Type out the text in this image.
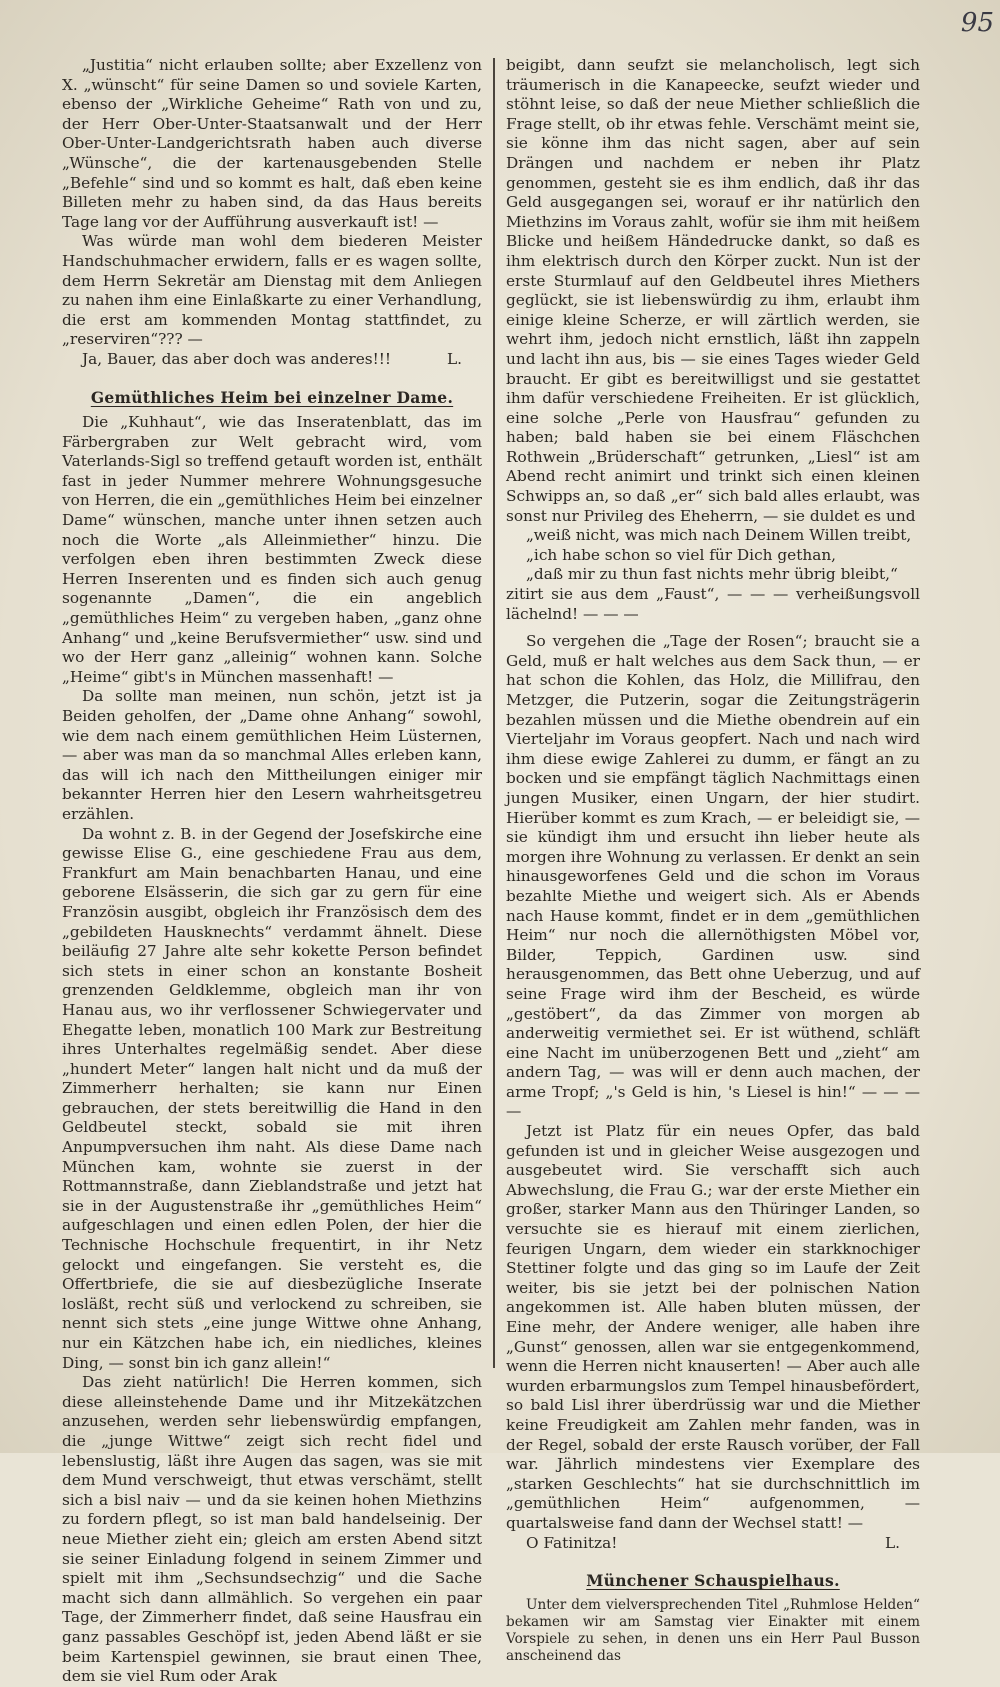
95

„Justitia“ nicht erlauben sollte; aber Exzellenz von X. „wünscht“ für seine Damen so und soviele Karten, ebenso der „Wirkliche Geheime“ Rath von und zu, der Herr Ober-Unter-Staatsanwalt und der Herr Ober-Unter-Landgerichtsrath haben auch diverse „Wünsche“, die der kartenausgebenden Stelle „Befehle“ sind und so kommt es halt, daß eben keine Billeten mehr zu haben sind, da das Haus bereits Tage lang vor der Aufführung ausverkauft ist! —

Was würde man wohl dem biederen Meister Handschuhmacher erwidern, falls er es wagen sollte, dem Herrn Sekretär am Dienstag mit dem Anliegen zu nahen ihm eine Einlaßkarte zu einer Verhandlung, die erst am kommenden Montag stattfindet, zu „reserviren“??? —

Ja, Bauer, das aber doch was anderes!!!	L.
Gemüthliches Heim bei einzelner Dame.

Die „Kuhhaut“, wie das Inseratenblatt, das im Färbergraben zur Welt gebracht wird, vom Vaterlands-Sigl so treffend getauft worden ist, enthält fast in jeder Nummer mehrere Wohnungsgesuche von Herren, die ein „gemüthliches Heim bei einzelner Dame“ wünschen, manche unter ihnen setzen auch noch die Worte „als Alleinmiether“ hinzu. Die verfolgen eben ihren bestimmten Zweck diese Herren Inserenten und es finden sich auch genug sogenannte „Damen“, die ein angeblich „gemüthliches Heim“ zu vergeben haben, „ganz ohne Anhang“ und „keine Berufsvermiether“ usw. sind und wo der Herr ganz „alleinig“ wohnen kann. Solche „Heime“ gibt's in München massenhaft! —

Da sollte man meinen, nun schön, jetzt ist ja Beiden geholfen, der „Dame ohne Anhang“ sowohl, wie dem nach einem gemüthlichen Heim Lüsternen, — aber was man da so manchmal Alles erleben kann, das will ich nach den Mittheilungen einiger mir bekannter Herren hier den Lesern wahrheitsgetreu erzählen.

Da wohnt z. B. in der Gegend der Josefskirche eine gewisse Elise G., eine geschiedene Frau aus dem, Frankfurt am Main benachbarten Hanau, und eine geborene Elsässerin, die sich gar zu gern für eine Französin ausgibt, obgleich ihr Französisch dem des „gebildeten Hausknechts“ verdammt ähnelt. Diese beiläufig 27 Jahre alte sehr kokette Person befindet sich stets in einer schon an konstante Bosheit grenzenden Geldklemme, obgleich man ihr von Hanau aus, wo ihr verflossener Schwiegervater und Ehegatte leben, monatlich 100 Mark zur Bestreitung ihres Unterhaltes regelmäßig sendet. Aber diese „hundert Meter“ langen halt nicht und da muß der Zimmerherr herhalten; sie kann nur Einen gebrauchen, der stets bereitwillig die Hand in den Geldbeutel steckt, sobald sie mit ihren Anpumpversuchen ihm naht. Als diese Dame nach München kam, wohnte sie zuerst in der Rottmannstraße, dann Zieblandstraße und jetzt hat sie in der Augustenstraße ihr „gemüthliches Heim“ aufgeschlagen und einen edlen Polen, der hier die Technische Hochschule frequentirt, in ihr Netz gelockt und eingefangen. Sie versteht es, die Offertbriefe, die sie auf diesbezügliche Inserate losläßt, recht süß und verlockend zu schreiben, sie nennt sich stets „eine junge Wittwe ohne Anhang, nur ein Kätzchen habe ich, ein niedliches, kleines Ding, — sonst bin ich ganz allein!“

Das zieht natürlich! Die Herren kommen, sich diese alleinstehende Dame und ihr Mitzekätzchen anzusehen, werden sehr liebenswürdig empfangen, die „junge Wittwe“ zeigt sich recht fidel und lebenslustig, läßt ihre Augen das sagen, was sie mit dem Mund verschweigt, thut etwas verschämt, stellt sich a bisl naiv — und da sie keinen hohen Miethzins zu fordern pflegt, so ist man bald handelseinig. Der neue Miether zieht ein; gleich am ersten Abend sitzt sie seiner Einladung folgend in seinem Zimmer und spielt mit ihm „Sechsundsechzig“ und die Sache macht sich dann allmählich. So vergehen ein paar Tage, der Zimmerherr findet, daß seine Hausfrau ein ganz passables Geschöpf ist, jeden Abend läßt er sie beim Kartenspiel gewinnen, sie braut einen Thee, dem sie viel Rum oder Arak

beigibt, dann seufzt sie melancholisch, legt sich träumerisch in die Kanapeecke, seufzt wieder und stöhnt leise, so daß der neue Miether schließlich die Frage stellt, ob ihr etwas fehle. Verschämt meint sie, sie könne ihm das nicht sagen, aber auf sein Drängen und nachdem er neben ihr Platz genommen, gesteht sie es ihm endlich, daß ihr das Geld ausgegangen sei, worauf er ihr natürlich den Miethzins im Voraus zahlt, wofür sie ihm mit heißem Blicke und heißem Händedrucke dankt, so daß es ihm elektrisch durch den Körper zuckt. Nun ist der erste Sturmlauf auf den Geldbeutel ihres Miethers geglückt, sie ist liebenswürdig zu ihm, erlaubt ihm einige kleine Scherze, er will zärtlich werden, sie wehrt ihm, jedoch nicht ernstlich, läßt ihn zappeln und lacht ihn aus, bis — sie eines Tages wieder Geld braucht. Er gibt es bereitwilligst und sie gestattet ihm dafür verschiedene Freiheiten. Er ist glücklich, eine solche „Perle von Hausfrau“ gefunden zu haben; bald haben sie bei einem Fläschchen Rothwein „Brüderschaft“ getrunken, „Liesl“ ist am Abend recht animirt und trinkt sich einen kleinen Schwipps an, so daß „er“ sich bald alles erlaubt, was sonst nur Privileg des Eheherrn, — sie duldet es und

„weiß nicht, was mich nach Deinem Willen treibt,

„ich habe schon so viel für Dich gethan,

„daß mir zu thun fast nichts mehr übrig bleibt,“

zitirt sie aus dem „Faust“, — — — verheißungsvoll lächelnd! — — —

So vergehen die „Tage der Rosen“; braucht sie a Geld, muß er halt welches aus dem Sack thun, — er hat schon die Kohlen, das Holz, die Millifrau, den Metzger, die Putzerin, sogar die Zeitungsträgerin bezahlen müssen und die Miethe obendrein auf ein Vierteljahr im Voraus geopfert. Nach und nach wird ihm diese ewige Zahlerei zu dumm, er fängt an zu bocken und sie empfängt täglich Nachmittags einen jungen Musiker, einen Ungarn, der hier studirt. Hierüber kommt es zum Krach, — er beleidigt sie, — sie kündigt ihm und ersucht ihn lieber heute als morgen ihre Wohnung zu verlassen. Er denkt an sein hinausgeworfenes Geld und die schon im Voraus bezahlte Miethe und weigert sich. Als er Abends nach Hause kommt, findet er in dem „gemüthlichen Heim“ nur noch die allernöthigsten Möbel vor, Bilder, Teppich, Gardinen usw. sind herausgenommen, das Bett ohne Ueberzug, und auf seine Frage wird ihm der Bescheid, es würde „gestöbert“, da das Zimmer von morgen ab anderweitig vermiethet sei. Er ist wüthend, schläft eine Nacht im unüberzogenen Bett und „zieht“ am andern Tag, — was will er denn auch machen, der arme Tropf; „'s Geld is hin, 's Liesel is hin!“ — — — —

Jetzt ist Platz für ein neues Opfer, das bald gefunden ist und in gleicher Weise ausgezogen und ausgebeutet wird. Sie verschafft sich auch Abwechslung, die Frau G.; war der erste Miether ein großer, starker Mann aus den Thüringer Landen, so versuchte sie es hierauf mit einem zierlichen, feurigen Ungarn, dem wieder ein starkknochiger Stettiner folgte und das ging so im Laufe der Zeit weiter, bis sie jetzt bei der polnischen Nation angekommen ist. Alle haben bluten müssen, der Eine mehr, der Andere weniger, alle haben ihre „Gunst“ genossen, allen war sie entgegenkommend, wenn die Herren nicht knauserten! — Aber auch alle wurden erbarmungslos zum Tempel hinausbefördert, so bald Lisl ihrer überdrüssig war und die Miether keine Freudigkeit am Zahlen mehr fanden, was in der Regel, sobald der erste Rausch vorüber, der Fall war. Jährlich mindestens vier Exemplare des „starken Geschlechts“ hat sie durchschnittlich im „gemüthlichen Heim“ aufgenommen, — quartalsweise fand dann der Wechsel statt! —

O Fatinitza!	L.
Münchener Schauspielhaus.

Unter dem vielversprechenden Titel „Ruhmlose Helden“ bekamen wir am Samstag vier Einakter mit einem Vorspiele zu sehen, in denen uns ein Herr Paul Busson anscheinend das
